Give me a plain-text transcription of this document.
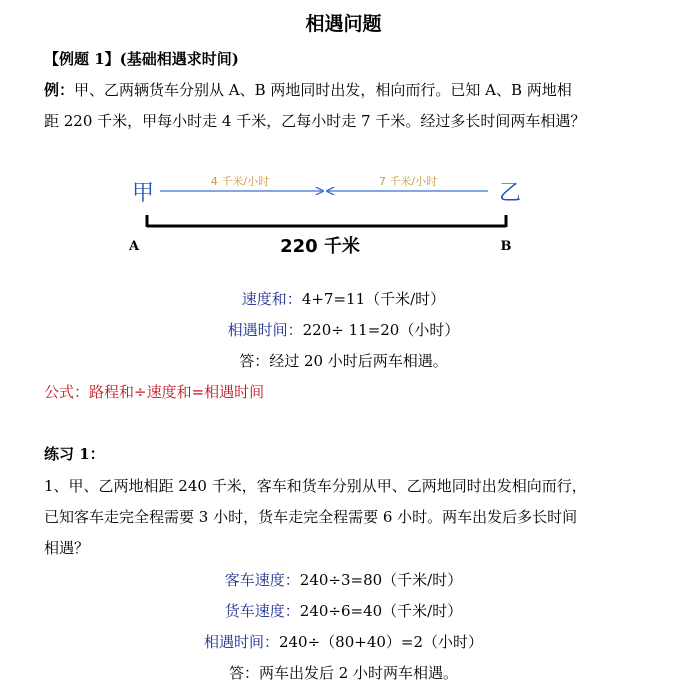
相遇问题
【例题 1】(基础相遇求时间)
例：甲、乙两辆货车分别从 A、B 两地同时出发，相向而行。已知 A、B 两地相
距 220 千米，甲每小时走 4 千米，乙每小时走 7 千米。经过多长时间两车相遇？
甲	乙
4 千米/小时	7 千米/小时
A	B
220 千米
速度和：4+7=11（千米/时）
相遇时间：220÷ 11=20（小时）
答：经过 20 小时后两车相遇。
公式：路程和÷速度和=相遇时间
练习 1：
1、甲、乙两地相距 240 千米，客车和货车分别从甲、乙两地同时出发相向而行，
已知客车走完全程需要 3 小时，货车走完全程需要 6 小时。两车出发后多长时间
相遇？
客车速度：240÷3=80（千米/时）
货车速度：240÷6=40（千米/时）
相遇时间：240÷（80+40）=2（小时）
答：两车出发后 2 小时两车相遇。
